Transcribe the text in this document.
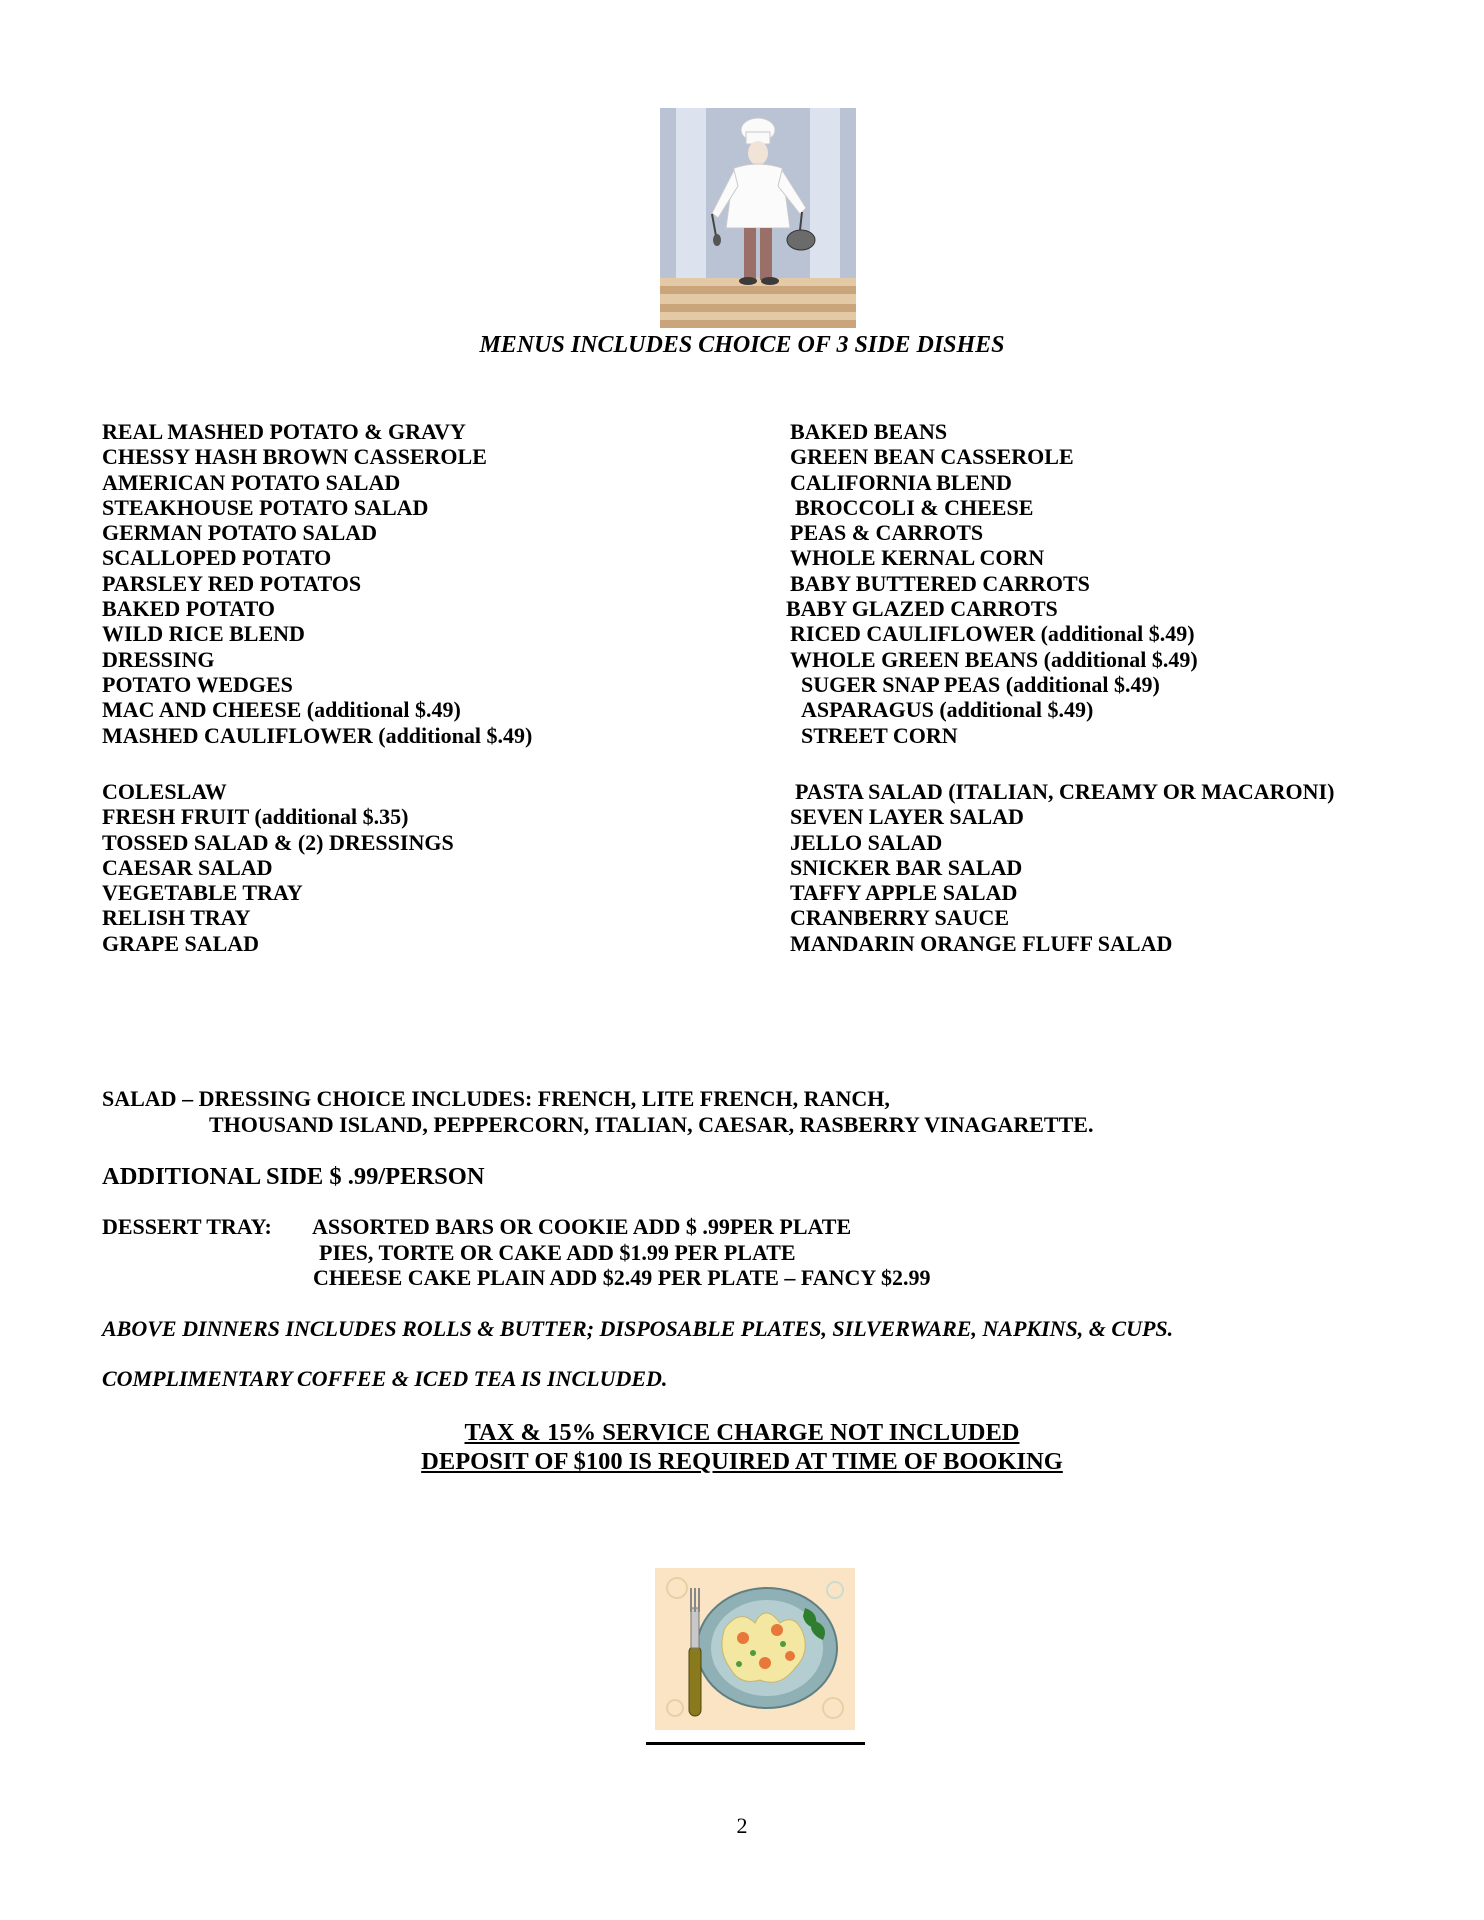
MENUS INCLUDES CHOICE OF 3 SIDE DISHES
REAL MASHED POTATO & GRAVY
CHESSY HASH BROWN CASSEROLE
AMERICAN POTATO SALAD
STEAKHOUSE POTATO SALAD
GERMAN POTATO SALAD
SCALLOPED POTATO
PARSLEY RED POTATOS
BAKED POTATO
WILD RICE BLEND
DRESSING
POTATO WEDGES
MAC AND CHEESE (additional $.49)
MASHED CAULIFLOWER (additional $.49)
BAKED BEANS
GREEN BEAN CASSEROLE
CALIFORNIA BLEND
BROCCOLI & CHEESE
PEAS & CARROTS
WHOLE KERNAL CORN
BABY BUTTERED CARROTS
BABY GLAZED CARROTS
RICED CAULIFLOWER (additional $.49)
WHOLE GREEN BEANS (additional $.49)
SUGER SNAP PEAS (additional $.49)
ASPARAGUS (additional $.49)
STREET CORN
COLESLAW
FRESH FRUIT (additional $.35)
TOSSED SALAD & (2) DRESSINGS
CAESAR SALAD
VEGETABLE TRAY
RELISH TRAY
GRAPE SALAD
PASTA SALAD (ITALIAN, CREAMY OR MACARONI)
SEVEN LAYER SALAD
JELLO SALAD
SNICKER BAR SALAD
TAFFY APPLE SALAD
CRANBERRY SAUCE
MANDARIN ORANGE FLUFF SALAD
SALAD – DRESSING CHOICE INCLUDES: FRENCH, LITE FRENCH, RANCH,
THOUSAND ISLAND, PEPPERCORN, ITALIAN, CAESAR, RASBERRY VINAGARETTE.
ADDITIONAL SIDE $ .99/PERSON
DESSERT TRAY: ASSORTED BARS OR COOKIE ADD $ .99PER PLATE
PIES, TORTE OR CAKE ADD $1.99 PER PLATE
CHEESE CAKE PLAIN ADD $2.49 PER PLATE – FANCY $2.99
ABOVE DINNERS INCLUDES ROLLS & BUTTER; DISPOSABLE PLATES, SILVERWARE, NAPKINS, & CUPS.
COMPLIMENTARY COFFEE & ICED TEA IS INCLUDED.
TAX & 15% SERVICE CHARGE NOT INCLUDED
DEPOSIT OF $100 IS REQUIRED AT TIME OF BOOKING
2
